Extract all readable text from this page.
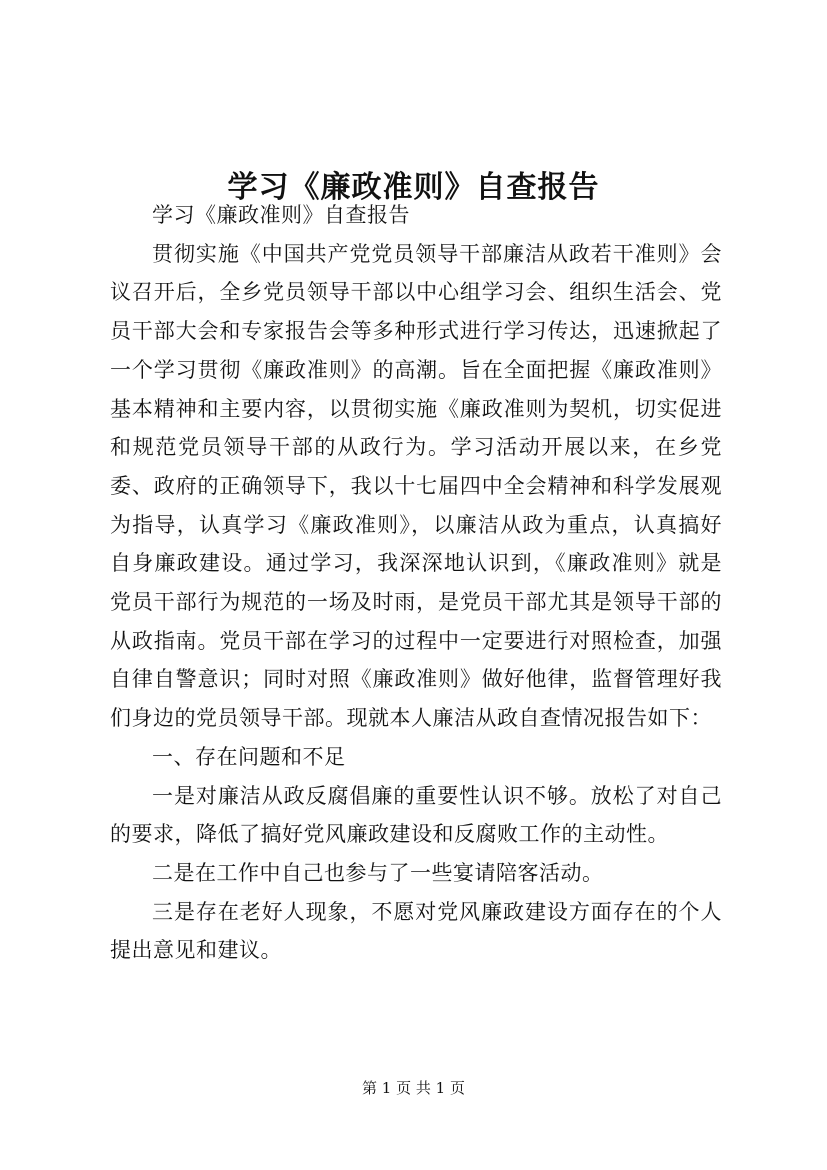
学习《廉政准则》自查报告

学习《廉政准则》自查报告

贯彻实施《中国共产党党员领导干部廉洁从政若干准则》会议召开后，全乡党员领导干部以中心组学习会、组织生活会、党员干部大会和专家报告会等多种形式进行学习传达，迅速掀起了一个学习贯彻《廉政准则》的高潮。旨在全面把握《廉政准则》基本精神和主要内容，以贯彻实施《廉政准则为契机，切实促进和规范党员领导干部的从政行为。学习活动开展以来，在乡党委、政府的正确领导下，我以十七届四中全会精神和科学发展观为指导，认真学习《廉政准则》，以廉洁从政为重点，认真搞好自身廉政建设。通过学习，我深深地认识到，《廉政准则》就是党员干部行为规范的一场及时雨，是党员干部尤其是领导干部的从政指南。党员干部在学习的过程中一定要进行对照检查，加强自律自警意识；同时对照《廉政准则》做好他律，监督管理好我们身边的党员领导干部。现就本人廉洁从政自查情况报告如下：

一、存在问题和不足

一是对廉洁从政反腐倡廉的重要性认识不够。放松了对自己的要求，降低了搞好党风廉政建设和反腐败工作的主动性。

二是在工作中自己也参与了一些宴请陪客活动。

三是存在老好人现象，不愿对党风廉政建设方面存在的个人提出意见和建议。

第 1 页 共 1 页
